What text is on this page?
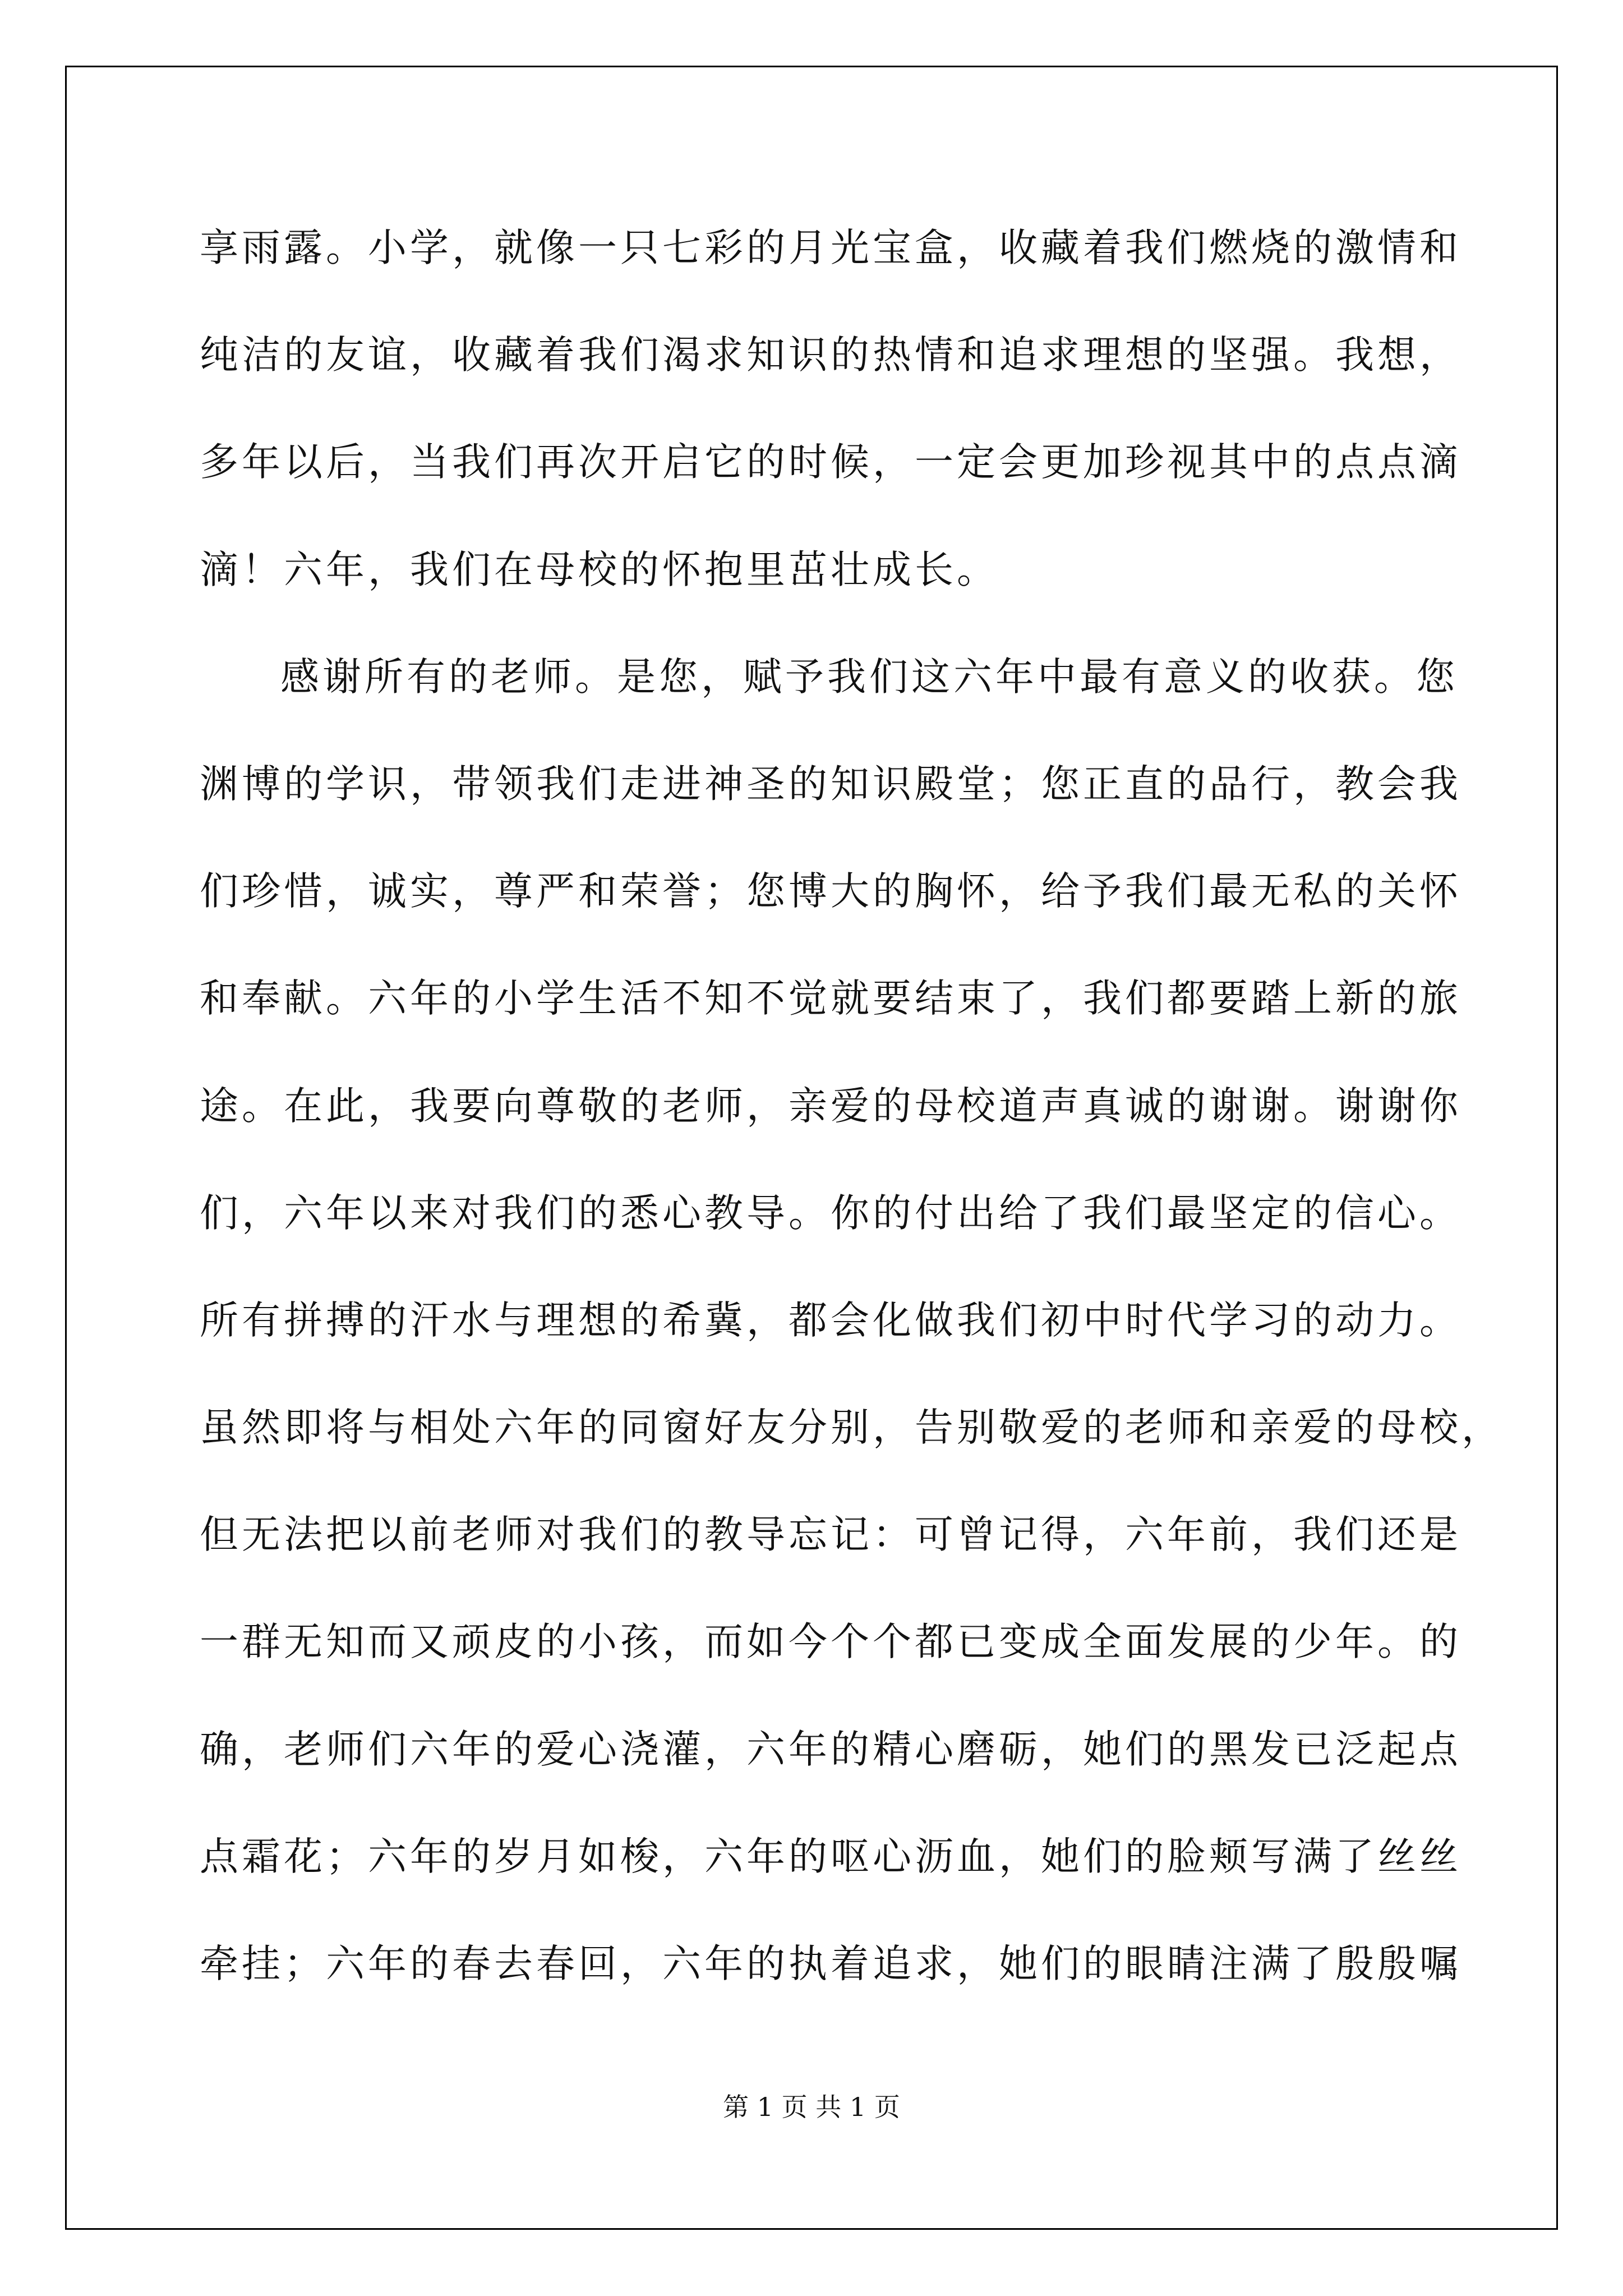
享雨露。小学，就像一只七彩的月光宝盒，收藏着我们燃烧的激情和
纯洁的友谊，收藏着我们渴求知识的热情和追求理想的坚强。我想，
多年以后，当我们再次开启它的时候，一定会更加珍视其中的点点滴
滴！六年，我们在母校的怀抱里茁壮成长。
感谢所有的老师。是您，赋予我们这六年中最有意义的收获。您
渊博的学识，带领我们走进神圣的知识殿堂；您正直的品行，教会我
们珍惜，诚实，尊严和荣誉；您博大的胸怀，给予我们最无私的关怀
和奉献。六年的小学生活不知不觉就要结束了，我们都要踏上新的旅
途。在此，我要向尊敬的老师，亲爱的母校道声真诚的谢谢。谢谢你
们，六年以来对我们的悉心教导。你的付出给了我们最坚定的信心。
所有拼搏的汗水与理想的希冀，都会化做我们初中时代学习的动力。
虽然即将与相处六年的同窗好友分别，告别敬爱的老师和亲爱的母校，
但无法把以前老师对我们的教导忘记：可曾记得，六年前，我们还是
一群无知而又顽皮的小孩，而如今个个都已变成全面发展的少年。的
确，老师们六年的爱心浇灌，六年的精心磨砺，她们的黑发已泛起点
点霜花；六年的岁月如梭，六年的呕心沥血，她们的脸颊写满了丝丝
牵挂；六年的春去春回，六年的执着追求，她们的眼睛注满了殷殷嘱
第 1 页 共 1 页
